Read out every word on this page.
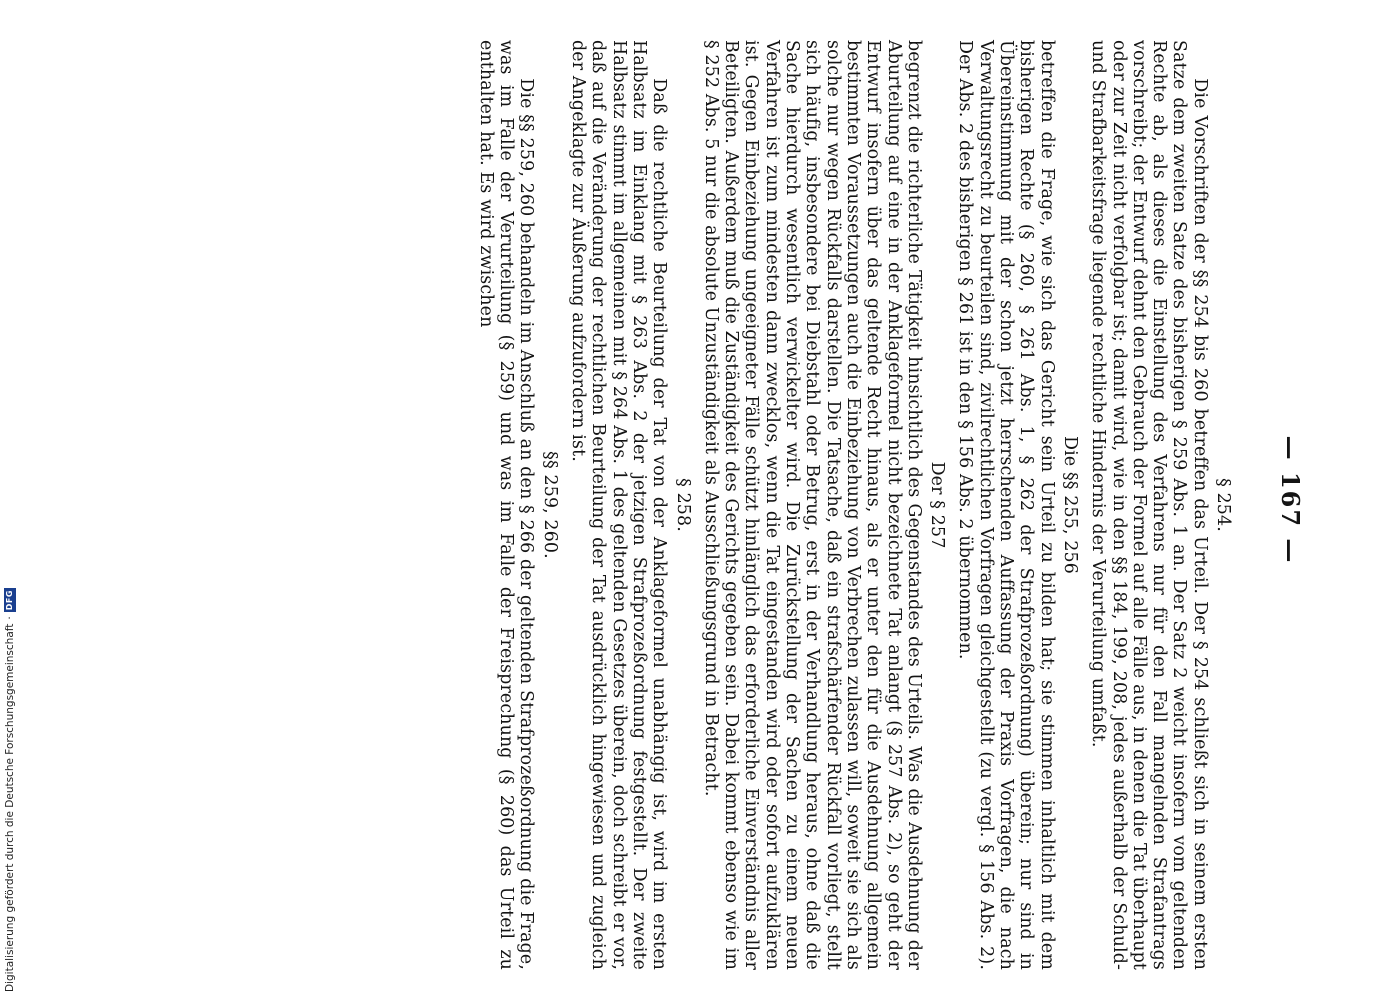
Digitalisierung gefördert durch die Deutsche Forschungsgemeinschaft
·
DFG
— 167 —
§ 254.

Die Vorschriften der §§ 254 bis 260 betreffen das Urteil. Der § 254 schließt sich in seinem ersten Satze dem zweiten Satze des bisherigen § 259 Abs. 1 an. Der Satz 2 weicht insofern vom geltenden Rechte ab, als dieses die Einstellung des Verfahrens nur für den Fall mangelnden Strafantrags vorschreibt; der Entwurf dehnt den Gebrauch der Formel auf alle Fälle aus, in denen die Tat überhaupt oder zur Zeit nicht verfolgbar ist; damit wird, wie in den §§ 184, 199, 208, jedes außerhalb der Schuld- und Strafbarkeitsfrage liegende rechtliche Hindernis der Verurteilung umfaßt.

Die §§ 255, 256

betreffen die Frage, wie sich das Gericht sein Urteil zu bilden hat; sie stimmen inhaltlich mit dem bisherigen Rechte (§ 260, § 261 Abs. 1, § 262 der Strafprozeßordnung) überein; nur sind in Übereinstimmung mit der schon jetzt herrschenden Auffassung der Praxis Vorfragen, die nach Verwaltungsrecht zu beurteilen sind, zivilrechtlichen Vorfragen gleichgestellt (zu vergl. § 156 Abs. 2). Der Abs. 2 des bisherigen § 261 ist in den § 156 Abs. 2 übernommen.

Der § 257

begrenzt die richterliche Tätigkeit hinsichtlich des Gegenstandes des Urteils. Was die Ausdehnung der Aburteilung auf eine in der Anklageformel nicht bezeichnete Tat anlangt (§ 257 Abs. 2), so geht der Entwurf insofern über das geltende Recht hinaus, als er unter den für die Ausdehnung allgemein bestimmten Voraussetzungen auch die Einbeziehung von Verbrechen zulassen will, soweit sie sich als solche nur wegen Rückfalls darstellen. Die Tatsache, daß ein strafschärfender Rückfall vorliegt, stellt sich häufig, insbesondere bei Diebstahl oder Betrug, erst in der Verhandlung heraus, ohne daß die Sache hierdurch wesentlich verwickelter wird. Die Zurückstellung der Sachen zu einem neuen Verfahren ist zum mindesten dann zwecklos, wenn die Tat eingestanden wird oder sofort aufzuklären ist. Gegen Einbeziehung ungeeigneter Fälle schützt hinlänglich das erforderliche Einverständnis aller Beteiligten. Außerdem muß die Zuständigkeit des Gerichts gegeben sein. Dabei kommt ebenso wie im § 252 Abs. 5 nur die absolute Unzuständigkeit als Ausschließungsgrund in Betracht.

§ 258.

Daß die rechtliche Beurteilung der Tat von der Anklageformel unabhängig ist, wird im ersten Halbsatz im Einklang mit § 263 Abs. 2 der jetzigen Strafprozeßordnung festgestellt. Der zweite Halbsatz stimmt im allgemeinen mit § 264 Abs. 1 des geltenden Gesetzes überein, doch schreibt er vor, daß auf die Veränderung der rechtlichen Beurteilung der Tat ausdrücklich hingewiesen und zugleich der Angeklagte zur Äußerung aufzufordern ist.

§§ 259, 260.

Die §§ 259, 260 behandeln im Anschluß an den § 266 der geltenden Strafprozeßordnung die Frage, was im Falle der Verurteilung (§ 259) und was im Falle der Freisprechung (§ 260) das Urteil zu enthalten hat. Es wird zwischen
